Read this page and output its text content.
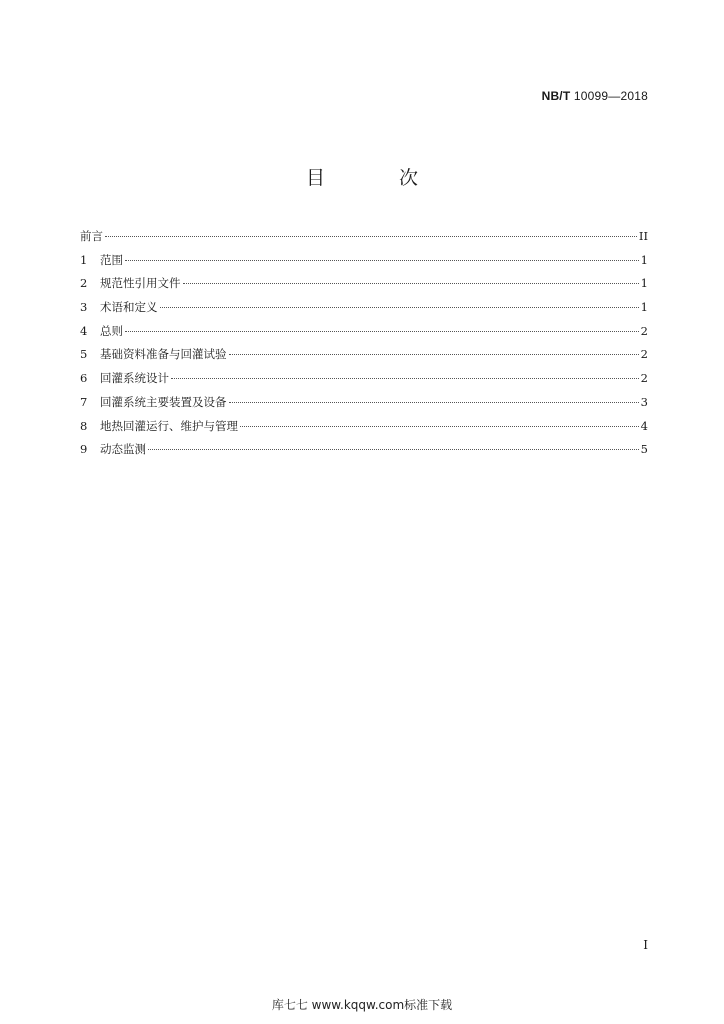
NB/T 10099—2018
目 次
前言	II
1	范围	1
2	规范性引用文件	1
3	术语和定义	1
4	总则	2
5	基础资料准备与回灌试验	2
6	回灌系统设计	2
7	回灌系统主要装置及设备	3
8	地热回灌运行、维护与管理	4
9	动态监测	5
I
库七七 www.kqqw.com标准下载
